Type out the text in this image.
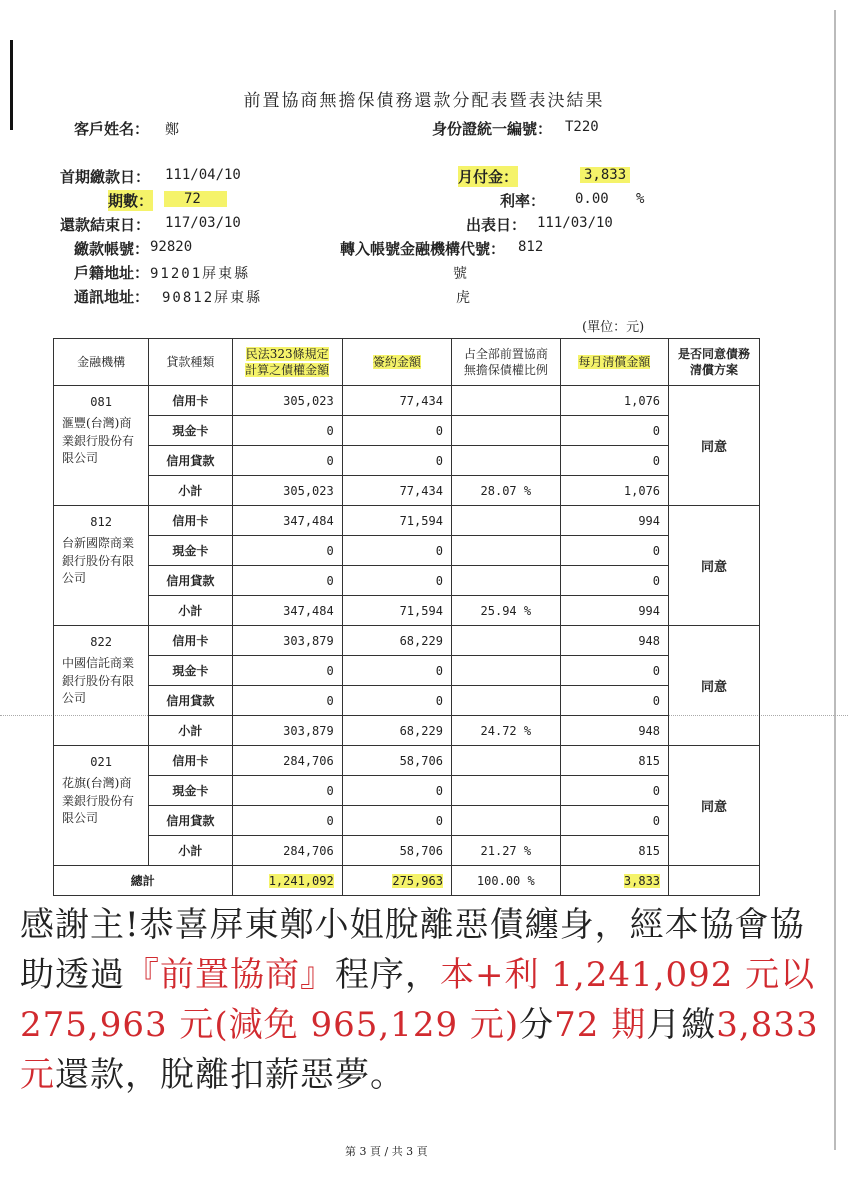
前置協商無擔保債務還款分配表暨表決結果
客戶姓名： 鄭	身份證統一編號： T220
首期繳款日： 111/04/10	月付金：	3,833
期數：	72	利率： 0.00 %
還款結束日： 117/03/10	出表日： 111/03/10
繳款帳號： 92820	轉入帳號金融機構代號： 812
戶籍地址： 91201屏東縣	號
通訊地址： 90812屏東縣	虎
(單位：元)
金融機構	貸款種類	民法323條規定計算之債權金額	簽約金額	占全部前置協商無擔保債權比例	每月清償金額	是否同意債務清償方案

081
滙豐(台灣)商業銀行股份有限公司	信用卡	305,023	77,434		1,076	同意
	現金卡	0	0		0	
	信用貸款	0	0		0	
	小計	305,023	77,434	28.07 %	1,076	

812
台新國際商業銀行股份有限公司	信用卡	347,484	71,594		994	同意
	現金卡	0	0		0	
	信用貸款	0	0		0	
	小計	347,484	71,594	25.94 %	994	

822
中國信託商業銀行股份有限公司	信用卡	303,879	68,229		948	同意
	現金卡	0	0		0	
	信用貸款	0	0		0	
	小計	303,879	68,229	24.72 %	948	

021
花旗(台灣)商業銀行股份有限公司	信用卡	284,706	58,706		815	同意
	現金卡	0	0		0	
	信用貸款	0	0		0	
	小計	284,706	58,706	21.27 %	815	
總計		1,241,092	275,963	100.00 %	3,833	
感謝主!恭喜屏東鄭小姐脫離惡債纏身，經本協會協助透過『前置協商』程序，本+利 1,241,092 元以 275,963 元(減免 965,129 元)分72 期月繳3,833 元還款，脫離扣薪惡夢。
第 3 頁 / 共 3 頁
